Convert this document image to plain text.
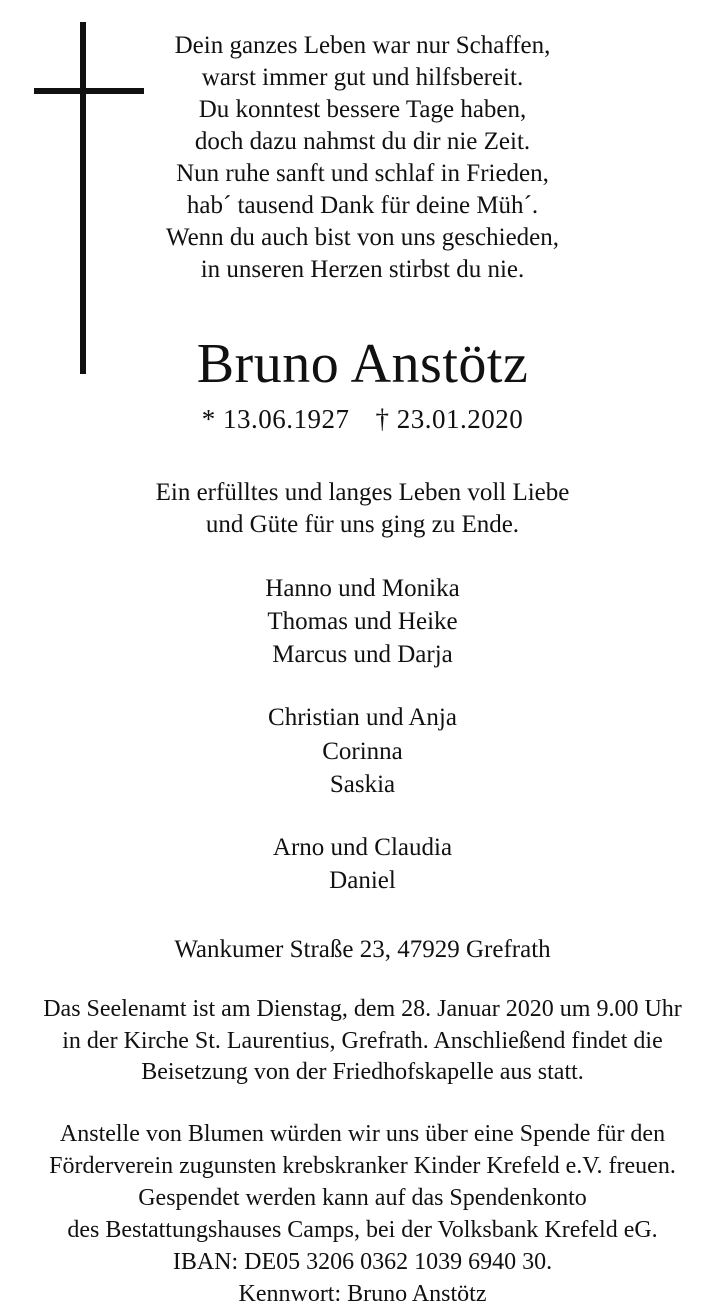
Dein ganzes Leben war nur Schaffen,
warst immer gut und hilfsbereit.
Du konntest bessere Tage haben,
doch dazu nahmst du dir nie Zeit.
Nun ruhe sanft und schlaf in Frieden,
hab´ tausend Dank für deine Müh´.
Wenn du auch bist von uns geschieden,
in unseren Herzen stirbst du nie.
Bruno Anstötz
* 13.06.1927 † 23.01.2020
Ein erfülltes und langes Leben voll Liebe
und Güte für uns ging zu Ende.
Hanno und Monika
Thomas und Heike
Marcus und Darja
Christian und Anja
Corinna
Saskia
Arno und Claudia
Daniel
Wankumer Straße 23, 47929 Grefrath
Das Seelenamt ist am Dienstag, dem 28. Januar 2020 um 9.00 Uhr
in der Kirche St. Laurentius, Grefrath. Anschließend findet die
Beisetzung von der Friedhofskapelle aus statt.
Anstelle von Blumen würden wir uns über eine Spende für den
Förderverein zugunsten krebskranker Kinder Krefeld e.V. freuen.
Gespendet werden kann auf das Spendenkonto
des Bestattungshauses Camps, bei der Volksbank Krefeld eG.
IBAN: DE05 3206 0362 1039 6940 30.
Kennwort: Bruno Anstötz
